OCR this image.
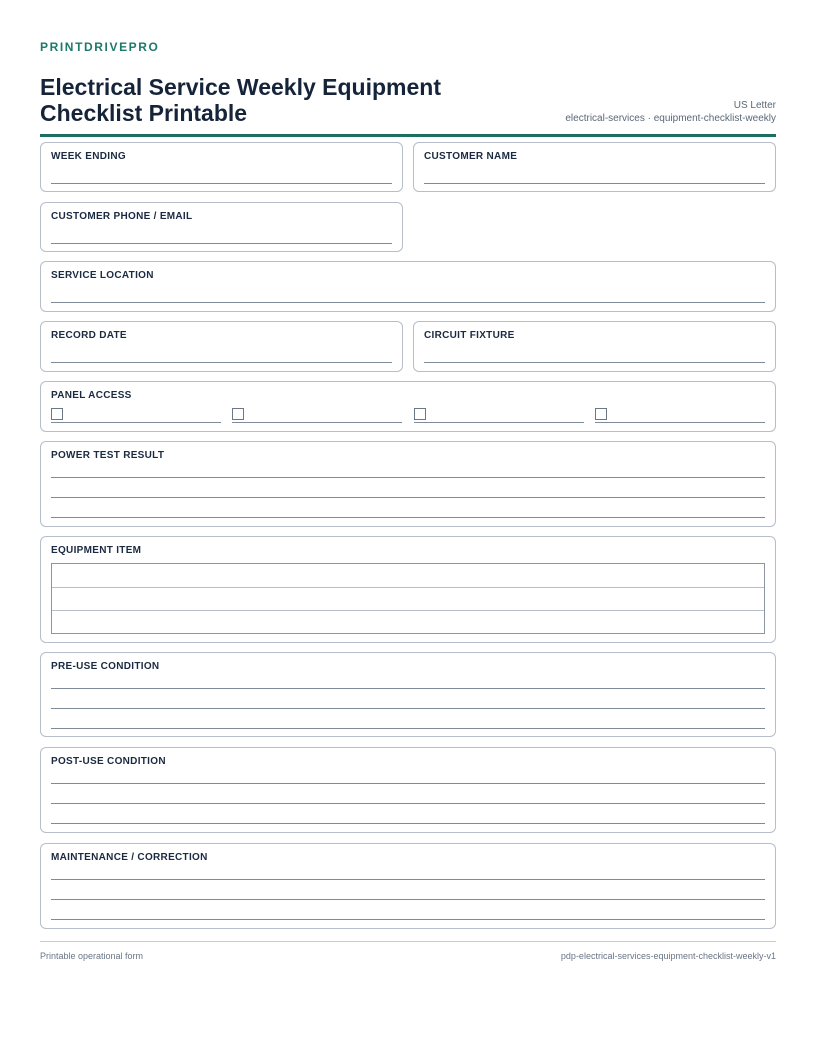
PRINTDRIVEPRO
Electrical Service Weekly Equipment
Checklist Printable	US Letter
electrical-services · equipment-checklist-weekly
WEEK ENDING	CUSTOMER NAME
CUSTOMER PHONE / EMAIL
SERVICE LOCATION
RECORD DATE	CIRCUIT FIXTURE
PANEL ACCESS
POWER TEST RESULT
EQUIPMENT ITEM
PRE-USE CONDITION
POST-USE CONDITION
MAINTENANCE / CORRECTION
Printable operational form	pdp-electrical-services-equipment-checklist-weekly-v1
